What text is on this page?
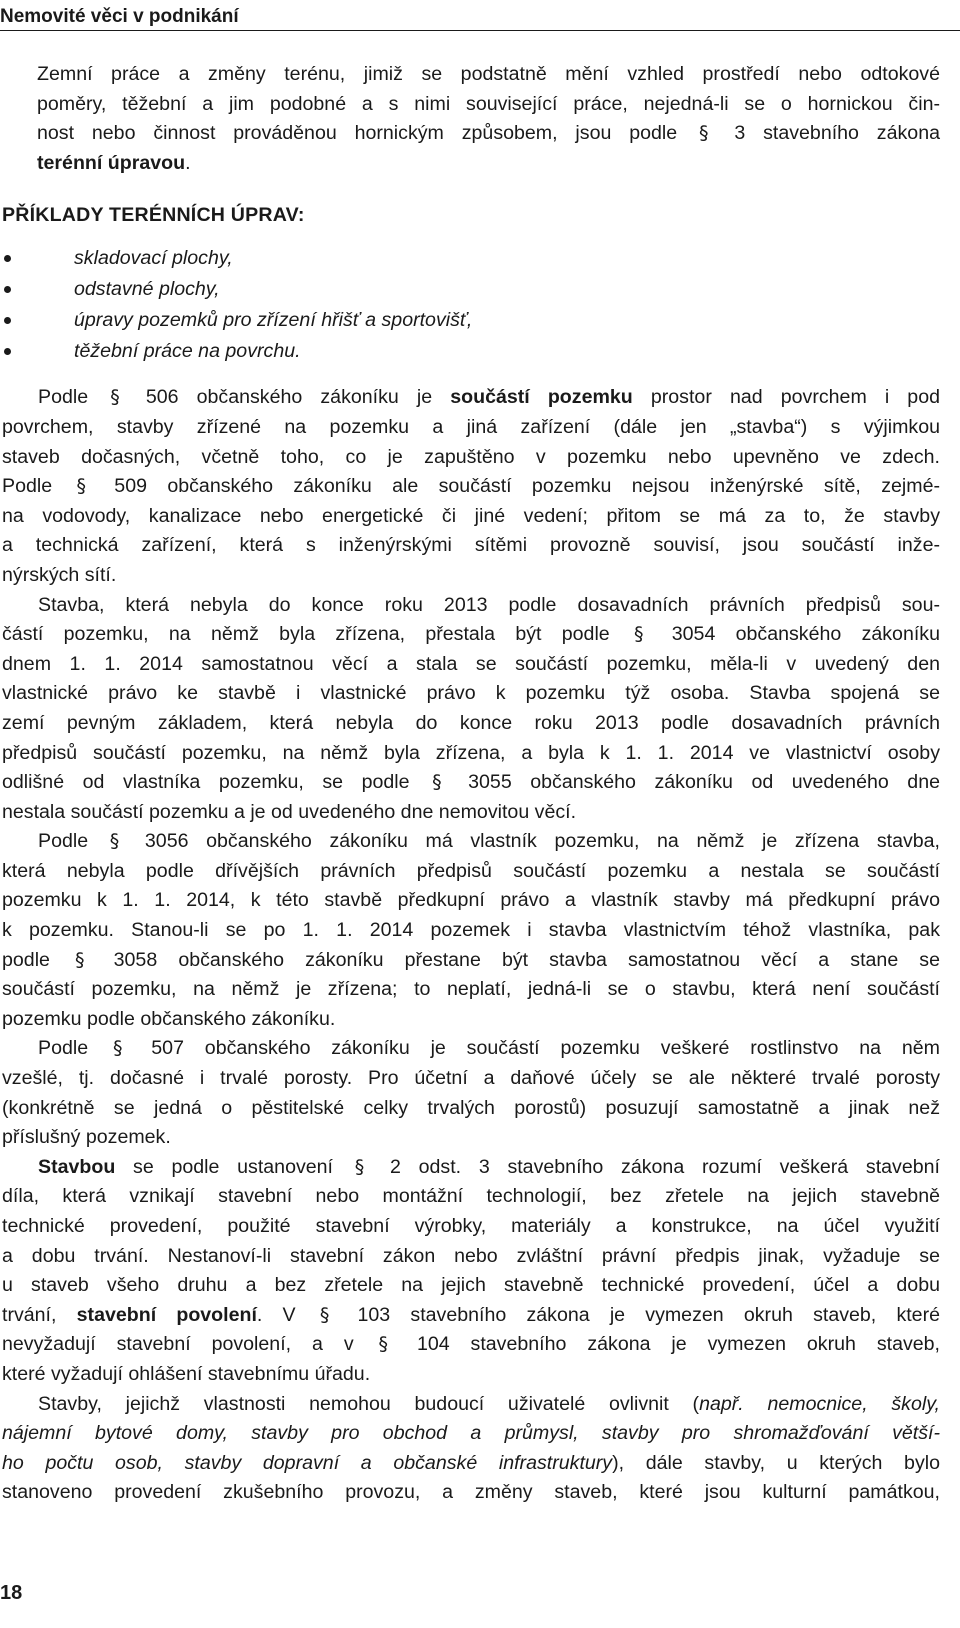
Nemovité věci v podnikání
Zemní práce a změny terénu, jimiž se podstatně mění vzhled prostředí nebo odtokové
poměry, těžební a jim podobné a s nimi související práce, nejedná-li se o hornickou čin-
nost nebo činnost prováděnou hornickým způsobem, jsou podle § 3 stavebního zákona
terénní úpravou.
PŘÍKLADY TERÉNNÍCH ÚPRAV:
skladovací plochy,
odstavné plochy,
úpravy pozemků pro zřízení hřišť a sportovišť,
těžební práce na povrchu.
Podle § 506 občanského zákoníku je součástí pozemku prostor nad povrchem i pod
povrchem, stavby zřízené na pozemku a jiná zařízení (dále jen „stavba“) s výjimkou
staveb dočasných, včetně toho, co je zapuštěno v pozemku nebo upevněno ve zdech.
Podle § 509 občanského zákoníku ale součástí pozemku nejsou inženýrské sítě, zejmé-
na vodovody, kanalizace nebo energetické či jiné vedení; přitom se má za to, že stavby
a technická zařízení, která s inženýrskými sítěmi provozně souvisí, jsou součástí inže-
nýrských sítí.
Stavba, která nebyla do konce roku 2013 podle dosavadních právních předpisů sou-
částí pozemku, na němž byla zřízena, přestala být podle § 3054 občanského zákoníku
dnem 1. 1. 2014 samostatnou věcí a stala se součástí pozemku, měla-li v uvedený den
vlastnické právo ke stavbě i vlastnické právo k pozemku týž osoba. Stavba spojená se
zemí pevným základem, která nebyla do konce roku 2013 podle dosavadních právních
předpisů součástí pozemku, na němž byla zřízena, a byla k 1. 1. 2014 ve vlastnictví osoby
odlišné od vlastníka pozemku, se podle § 3055 občanského zákoníku od uvedeného dne
nestala součástí pozemku a je od uvedeného dne nemovitou věcí.
Podle § 3056 občanského zákoníku má vlastník pozemku, na němž je zřízena stavba,
která nebyla podle dřívějších právních předpisů součástí pozemku a nestala se součástí
pozemku k 1. 1. 2014, k této stavbě předkupní právo a vlastník stavby má předkupní právo
k pozemku. Stanou-li se po 1. 1. 2014 pozemek i stavba vlastnictvím téhož vlastníka, pak
podle § 3058 občanského zákoníku přestane být stavba samostatnou věcí a stane se
součástí pozemku, na němž je zřízena; to neplatí, jedná-li se o stavbu, která není součástí
pozemku podle občanského zákoníku.
Podle § 507 občanského zákoníku je součástí pozemku veškeré rostlinstvo na něm
vzešlé, tj. dočasné i trvalé porosty. Pro účetní a daňové účely se ale některé trvalé porosty
(konkrétně se jedná o pěstitelské celky trvalých porostů) posuzují samostatně a jinak než
příslušný pozemek.
Stavbou se podle ustanovení § 2 odst. 3 stavebního zákona rozumí veškerá stavební
díla, která vznikají stavební nebo montážní technologií, bez zřetele na jejich stavebně
technické provedení, použité stavební výrobky, materiály a konstrukce, na účel využití
a dobu trvání. Nestanoví-li stavební zákon nebo zvláštní právní předpis jinak, vyžaduje se
u staveb všeho druhu a bez zřetele na jejich stavebně technické provedení, účel a dobu
trvání, stavební povolení. V § 103 stavebního zákona je vymezen okruh staveb, které
nevyžadují stavební povolení, a v § 104 stavebního zákona je vymezen okruh staveb,
které vyžadují ohlášení stavebnímu úřadu.
Stavby, jejichž vlastnosti nemohou budoucí uživatelé ovlivnit (např. nemocnice, školy,
nájemní bytové domy, stavby pro obchod a průmysl, stavby pro shromažďování větší-
ho počtu osob, stavby dopravní a občanské infrastruktury), dále stavby, u kterých bylo
stanoveno provedení zkušebního provozu, a změny staveb, které jsou kulturní památkou,
18
